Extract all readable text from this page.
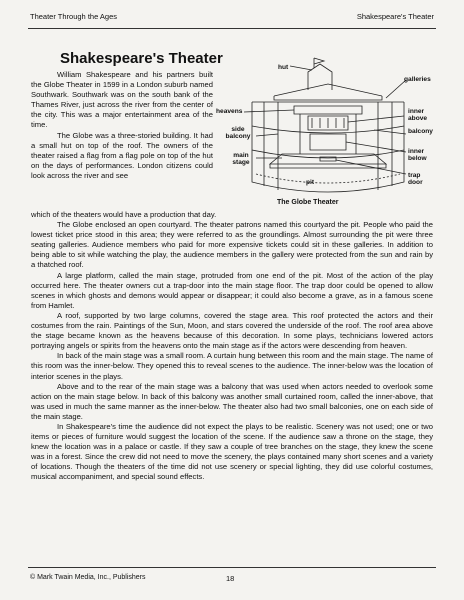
Theater Through the Ages	Shakespeare's Theater
Shakespeare's Theater

William Shakespeare and his partners built the Globe Theater in 1599 in a London suburb named Southwark. Southwark was on the south bank of the Thames River, just across the river from the center of the city. This was a major entertainment area of the time.

The Globe was a three-storied building. It had a small hut on top of the roof. The owners of the theater raised a flag from a flag pole on top of the hut on the days of performances. London citizens could look across the river and see

hut
galleries
heavens	inner above
balcony
side balcony
inner below
main stage
trap door
pit
The Globe Theater

which of the theaters would have a production that day.

The Globe enclosed an open courtyard. The theater patrons named this courtyard the pit. People who paid the lowest ticket price stood in this area; they were referred to as the groundlings. Almost surrounding the pit were three seating galleries. Audience members who paid for more expensive tickets could sit in these galleries. In addition to being able to sit while watching the play, the audience members in the gallery were protected from the sun and rain by a thatched roof.

A large platform, called the main stage, protruded from one end of the pit. Most of the action of the play occurred here. The theater owners cut a trap-door into the main stage floor. The trap door could be opened to allow scenes in which ghosts and demons would appear or disappear; it could also become a grave, as in a famous scene from Hamlet.

A roof, supported by two large columns, covered the stage area. This roof protected the actors and their costumes from the rain. Paintings of the Sun, Moon, and stars covered the underside of the roof. The roof area above the stage became known as the heavens because of this decoration. In some plays, technicians lowered actors portraying angels or spirits from the heavens onto the main stage as if the actors were descending from heaven.

In back of the main stage was a small room. A curtain hung between this room and the main stage. The name of this room was the inner-below. They opened this to reveal scenes to the audience. The inner-below was the location of interior scenes in the plays.

Above and to the rear of the main stage was a balcony that was used when actors needed to overlook some action on the main stage below. In back of this balcony was another small curtained room, called the inner-above, that was used in much the same manner as the inner-below. The theater also had two small balconies, one on each side of the main stage.

In Shakespeare's time the audience did not expect the plays to be realistic. Scenery was not used; one or two items or pieces of furniture would suggest the location of the scene. If the audience saw a throne on the stage, they knew the location was in a palace or castle. If they saw a couple of tree branches on the stage, they knew the scene was in a forest. Since the crew did not need to move the scenery, the plays contained many short scenes and a variety of locations. Though the theaters of the time did not use scenery or special lighting, they did use colorful costumes, musical accompaniment, and special sound effects.

© Mark Twain Media, Inc., Publishers	18
